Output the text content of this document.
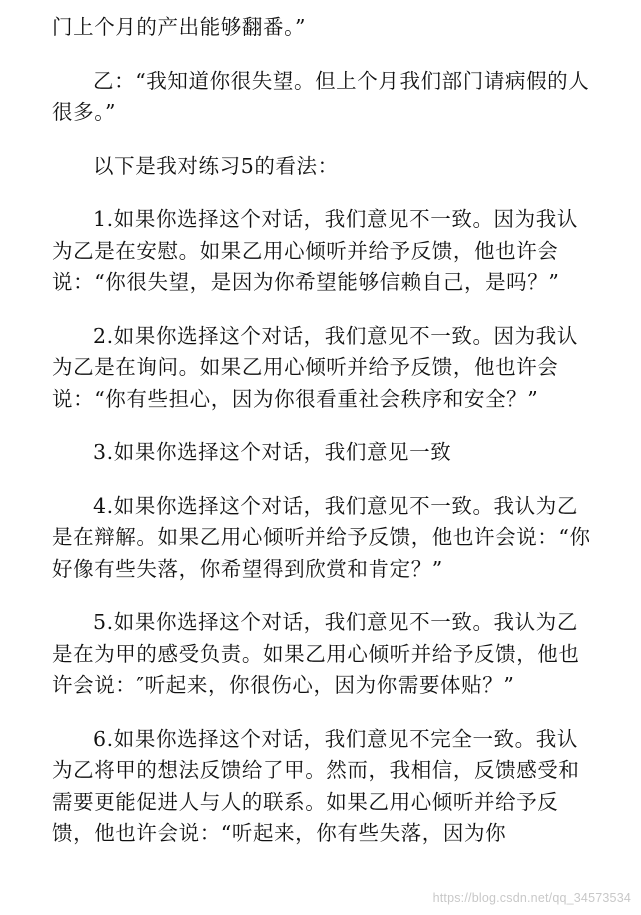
门上个月的产出能够翻番。”

乙：“我知道你很失望。但上个月我们部门请病假的人很多。”

以下是我对练习5的看法：

1.如果你选择这个对话，我们意见不一致。因为我认为乙是在安慰。如果乙用心倾听并给予反馈，他也许会说：“你很失望，是因为你希望能够信赖自己，是吗？”

2.如果你选择这个对话，我们意见不一致。因为我认为乙是在询问。如果乙用心倾听并给予反馈，他也许会说：“你有些担心，因为你很看重社会秩序和安全？”

3.如果你选择这个对话，我们意见一致

4.如果你选择这个对话，我们意见不一致。我认为乙是在辩解。如果乙用心倾听并给予反馈，他也许会说：“你好像有些失落，你希望得到欣赏和肯定？”

5.如果你选择这个对话，我们意见不一致。我认为乙是在为甲的感受负责。如果乙用心倾听并给予反馈，他也许会说：″听起来，你很伤心，因为你需要体贴？”

6.如果你选择这个对话，我们意见不完全一致。我认为乙将甲的想法反馈给了甲。然而，我相信，反馈感受和需要更能促进人与人的联系。如果乙用心倾听并给予反馈，他也许会说：“听起来，你有些失落，因为你

https://blog.csdn.net/qq_34573534
